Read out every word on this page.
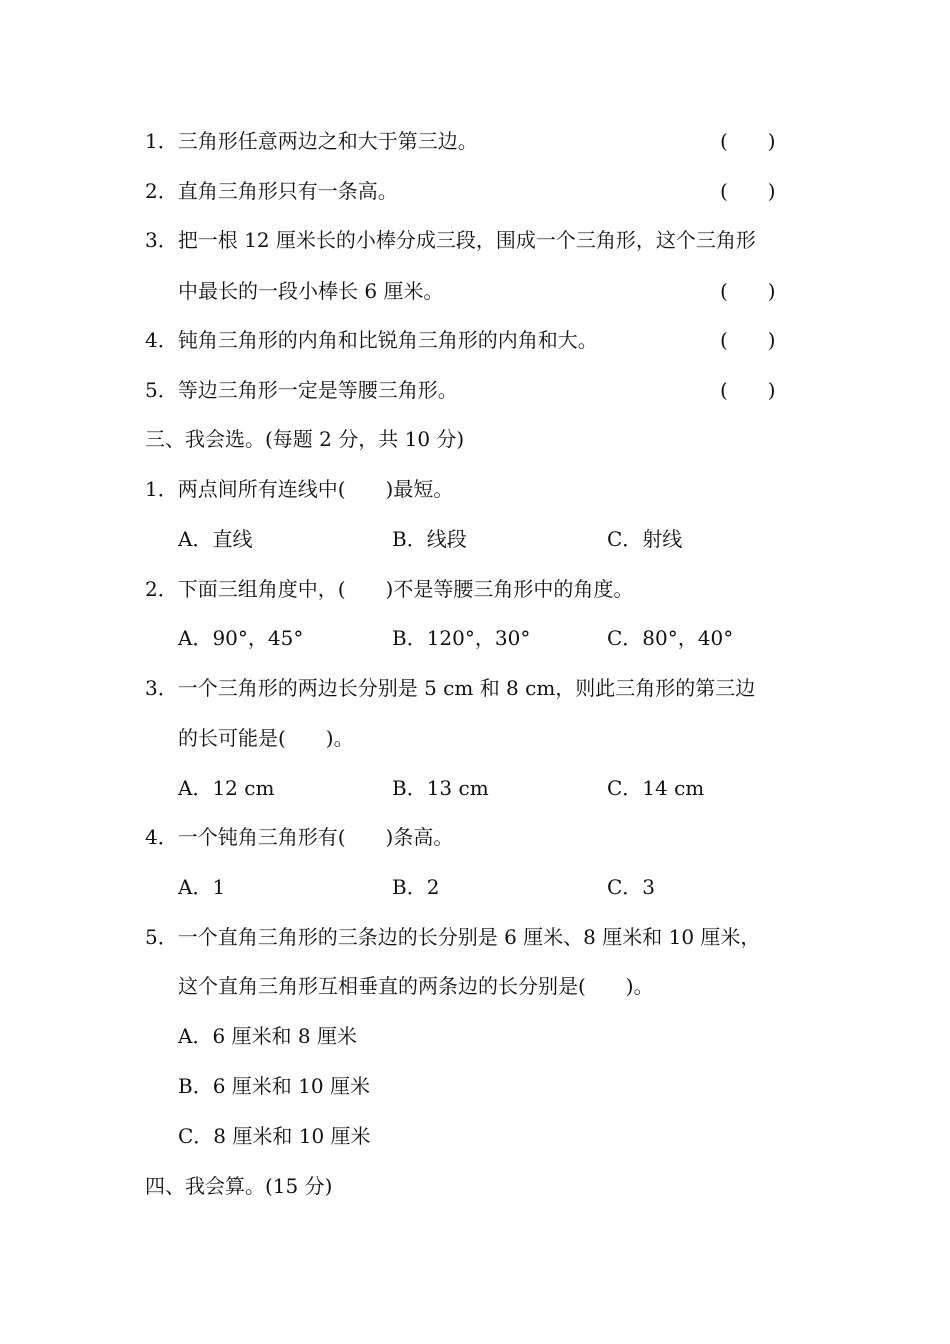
1．三角形任意两边之和大于第三边。	(　　)
2．直角三角形只有一条高。	(　　)
3．把一根 12 厘米长的小棒分成三段，围成一个三角形，这个三角形
中最长的一段小棒长 6 厘米。	(　　)
4．钝角三角形的内角和比锐角三角形的内角和大。	(　　)
5．等边三角形一定是等腰三角形。	(　　)
三、我会选。(每题 2 分，共 10 分)
1．两点间所有连线中(　　)最短。
A．直线	B．线段	C．射线
2．下面三组角度中，(　　)不是等腰三角形中的角度。
A．90°，45°	B．120°，30°	C．80°，40°
3．一个三角形的两边长分别是 5 cm 和 8 cm，则此三角形的第三边
的长可能是(　　)。
A．12 cm	B．13 cm	C．14 cm
4．一个钝角三角形有(　　)条高。
A．1	B．2	C．3
5．一个直角三角形的三条边的长分别是 6 厘米、8 厘米和 10 厘米，
这个直角三角形互相垂直的两条边的长分别是(　　)。
A．6 厘米和 8 厘米
B．6 厘米和 10 厘米
C．8 厘米和 10 厘米
四、我会算。(15 分)
